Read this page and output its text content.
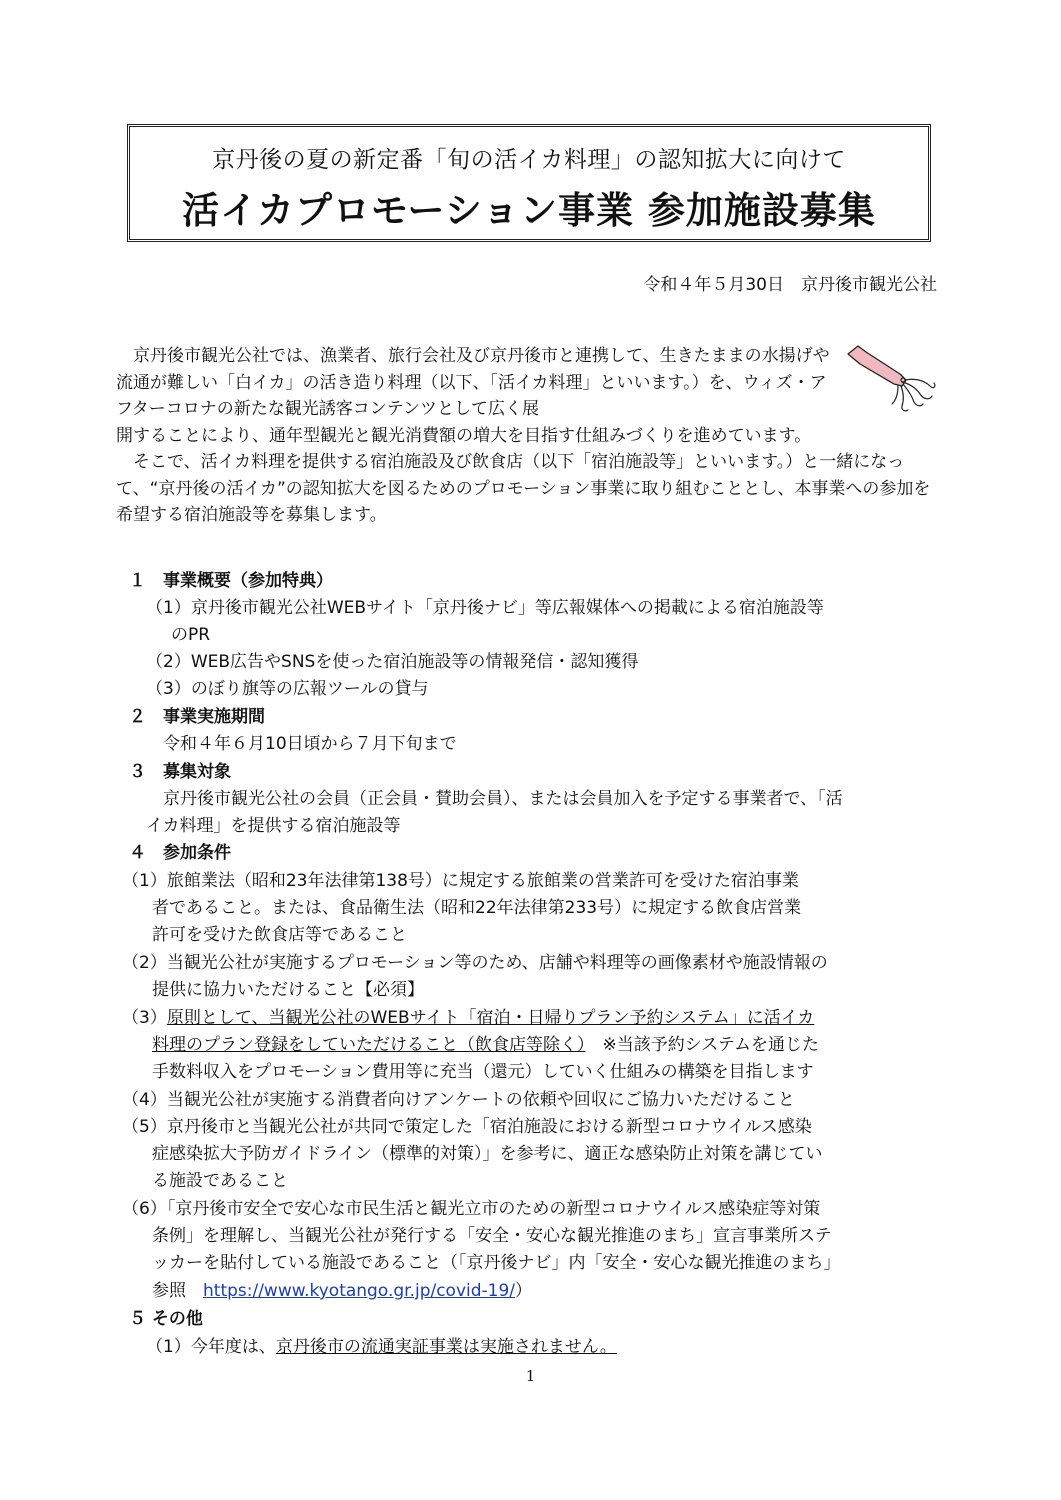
京丹後の夏の新定番「旬の活イカ料理」の認知拡大に向けて
活イカプロモーション事業 参加施設募集
令和４年５月30日　京丹後市観光公社

　京丹後市観光公社では、漁業者、旅行会社及び京丹後市と連携して、生きたままの水揚げや流通が難しい「白イカ」の活き造り料理（以下、「活イカ料理」といいます。）を、ウィズ・アフターコロナの新たな観光誘客コンテンツとして広く展

開することにより、通年型観光と観光消費額の増大を目指す仕組みづくりを進めています。

　そこで、活イカ料理を提供する宿泊施設及び飲食店（以下「宿泊施設等」といいます。）と一緒になって、“京丹後の活イカ”の認知拡大を図るためのプロモーション事業に取り組むこととし、本事業への参加を希望する宿泊施設等を募集します。

１　事業概要（参加特典）
（1）京丹後市観光公社WEBサイト「京丹後ナビ」等広報媒体への掲載による宿泊施設等
のPR
（2）WEB広告やSNSを使った宿泊施設等の情報発信・認知獲得
（3）のぼり旗等の広報ツールの貸与
２　事業実施期間
令和４年６月10日頃から７月下旬まで
３　募集対象
京丹後市観光公社の会員（正会員・賛助会員）、または会員加入を予定する事業者で、「活
イカ料理」を提供する宿泊施設等
４　参加条件
（1）旅館業法（昭和23年法律第138号）に規定する旅館業の営業許可を受けた宿泊事業
者であること。または、食品衛生法（昭和22年法律第233号）に規定する飲食店営業
許可を受けた飲食店等であること
（2）当観光公社が実施するプロモーション等のため、店舗や料理等の画像素材や施設情報の
提供に協力いただけること【必須】
（3）原則として、当観光公社のWEBサイト「宿泊・日帰りプラン予約システム」に活イカ
料理のプラン登録をしていただけること（飲食店等除く）　※当該予約システムを通じた
手数料収入をプロモーション費用等に充当（還元）していく仕組みの構築を目指します
（4）当観光公社が実施する消費者向けアンケートの依頼や回収にご協力いただけること
（5）京丹後市と当観光公社が共同で策定した「宿泊施設における新型コロナウイルス感染
症感染拡大予防ガイドライン（標準的対策）」を参考に、適正な感染防止対策を講じてい
る施設であること
（6）「京丹後市安全で安心な市民生活と観光立市のための新型コロナウイルス感染症等対策
条例」を理解し、当観光公社が発行する「安全・安心な観光推進のまち」宣言事業所ステ
ッカーを貼付している施設であること（「京丹後ナビ」内「安全・安心な観光推進のまち」
参照　https://www.kyotango.gr.jp/covid-19/）
５ その他
（1）今年度は、京丹後市の流通実証事業は実施されません。
1
